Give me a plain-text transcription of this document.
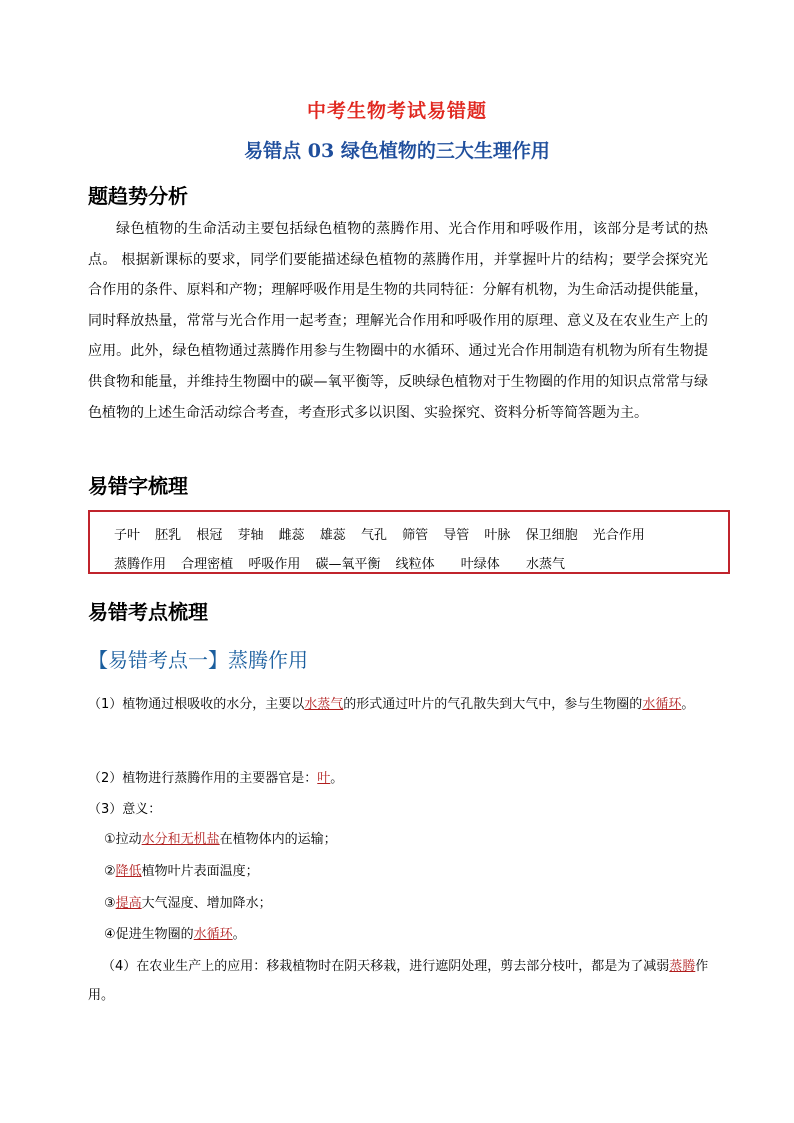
中考生物考试易错题
易错点 03 绿色植物的三大生理作用
题趋势分析
绿色植物的生命活动主要包括绿色植物的蒸腾作用、光合作用和呼吸作用，该部分是考试的热点。 根据新课标的要求，同学们要能描述绿色植物的蒸腾作用，并掌握叶片的结构；要学会探究光合作用的条件、原料和产物；理解呼吸作用是生物的共同特征：分解有机物，为生命活动提供能量，同时释放热量，常常与光合作用一起考查；理解光合作用和呼吸作用的原理、意义及在农业生产上的应用。此外，绿色植物通过蒸腾作用参与生物圈中的水循环、通过光合作用制造有机物为所有生物提供食物和能量，并维持生物圈中的碳—氧平衡等，反映绿色植物对于生物圈的作用的知识点常常与绿色植物的上述生命活动综合考查，考查形式多以识图、实验探究、资料分析等简答题为主。
易错字梳理
子叶 胚乳 根冠 芽轴 雌蕊 雄蕊 气孔 筛管 导管 叶脉 保卫细胞 光合作用
蒸腾作用 合理密植 呼吸作用 碳—氧平衡 线粒体 叶绿体 水蒸气
易错考点梳理
【易错考点一】蒸腾作用
（1）植物通过根吸收的水分，主要以水蒸气的形式通过叶片的气孔散失到大气中，参与生物圈的水循环。
（2）植物进行蒸腾作用的主要器官是：叶。
（3）意义：
①拉动水分和无机盐在植物体内的运输；
②降低植物叶片表面温度；
③提高大气湿度、增加降水；
④促进生物圈的水循环。
（4）在农业生产上的应用：移栽植物时在阴天移栽，进行遮阴处理，剪去部分枝叶，都是为了减弱蒸腾作用。
